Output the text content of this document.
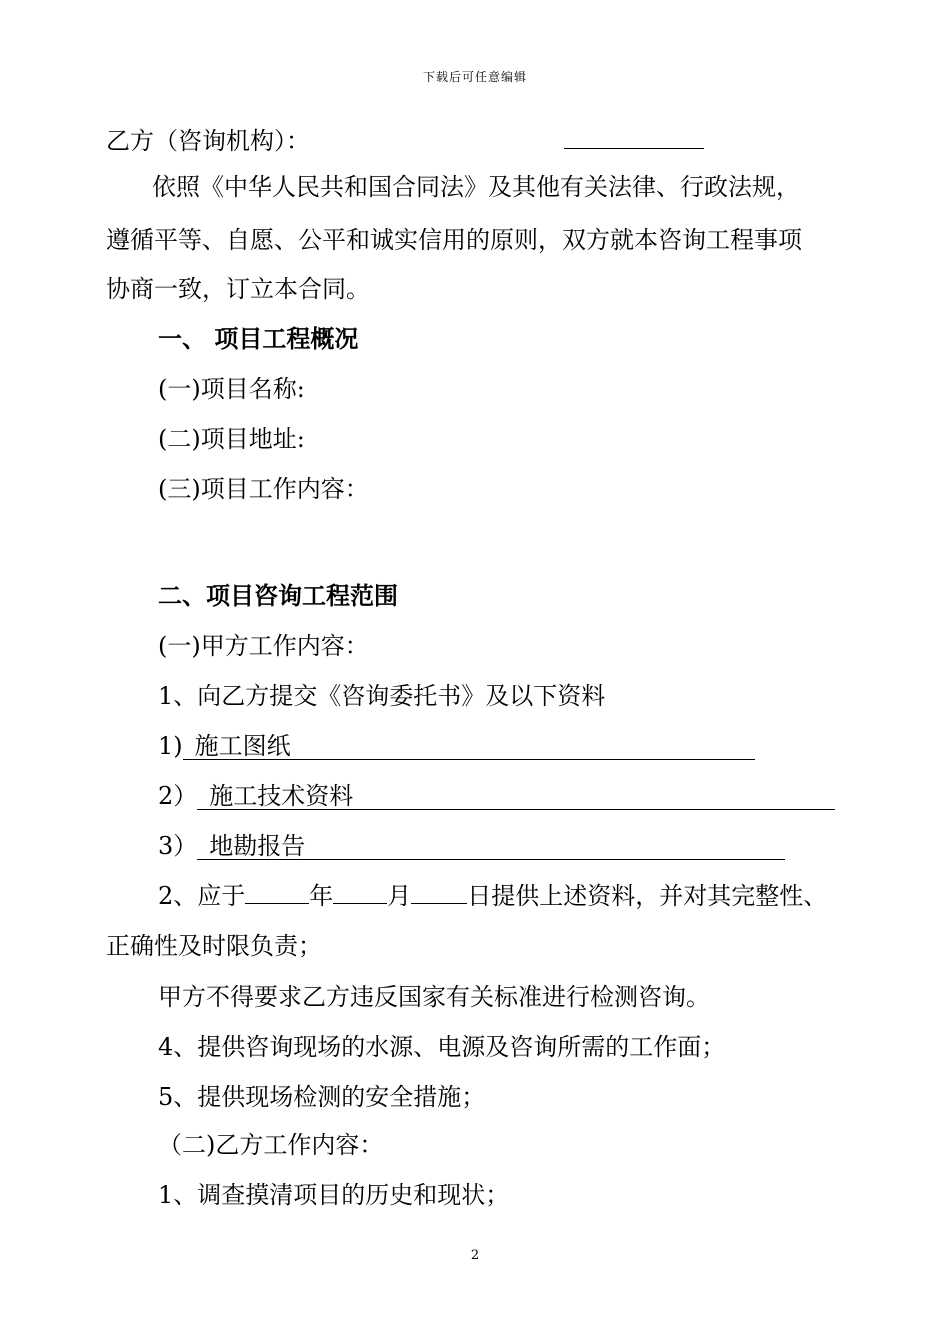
下载后可任意编辑
乙方（咨询机构）：
依照《中华人民共和国合同法》及其他有关法律、行政法规，
遵循平等、自愿、公平和诚实信用的原则，双方就本咨询工程事项
协商一致，订立本合同。
一、 项目工程概况
(一)项目名称:
(二)项目地址:
(三)项目工作内容：
二、项目咨询工程范围
(一)甲方工作内容：
1、向乙方提交《咨询委托书》及以下资料
1) 施工图纸
2） 施工技术资料
3） 地勘报告
2、应于	年 月 日提供上述资料，并对其完整性、
正确性及时限负责；
甲方不得要求乙方违反国家有关标准进行检测咨询。
4、提供咨询现场的水源、电源及咨询所需的工作面；
5、提供现场检测的安全措施；
（二)乙方工作内容：
1、调查摸清项目的历史和现状；
2
